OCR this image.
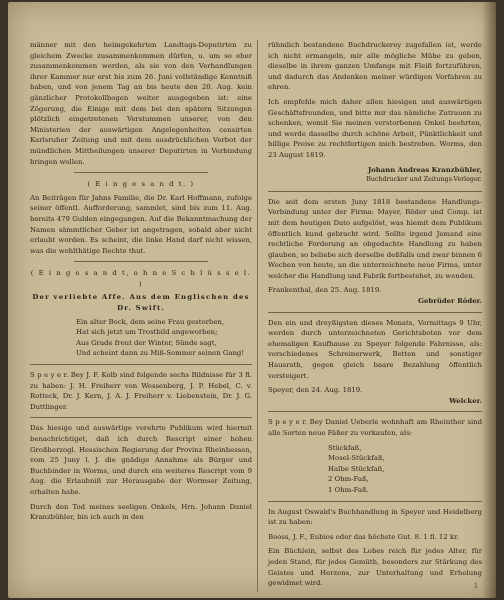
männer mit den heimgekehrten Landtags-Deputirten zu gleichem Zwecke zusammenkommen dürfen, u. um so eher zusammenkommen werden, als sie von den Verhandlungen ihrer Kammer nur erst bis zum 26. Juni vollständige Kenntniß haben, und von jenem Tag an bis heute den 20. Aug. kein gänzlicher Protokollbogen weiter ausgegeben ist: eine Zögerung, die Einige mit dem bei den spätern Sitzungen plötzlich eingetretenen Verstummen unserer, von den Ministerien der auswärtigen Angelegenheiten censirten Karlsruher Zeitung und mit dem ausdrücklichen Verbot der mündlichen Mittheilungen unserer Deputirten in Verbindung bringen wollen.

( E i n g e s a n d t. )

An Beiträgen für Jahns Familie, die Dr. Karl Hoffmann, zufolge seiner öffentl. Aufforderung, sammlet, sind bis zum 11. Aug. bereits 479 Gulden eingegangen. Auf die Bekanntmachung der Namen sämmtlicher Geber ist angetragen, sobald aber nicht erlaubt worden. Es scheint, die linke Hand darf nicht wissen, was die wohlthätige Rechte thut.

( E i n g e s a n d t, o h n e S c h l ü s s e l. )
Der verliebte Affe. Aus dem Englischen des Dr. Swift.
Ein alter Bock, dem seine Frau gestorben,
Hat sich jetzt um Trostbild angeworben;
Aus Grade freut der Winter, Sünde sagt,
Und scheint dann zu Miß-Sommer seinen Gang!

S p e y e r. Bey J. F. Kolb sind folgende sechs Bildnisse für 3 fl. zu haben: J. H. Freiherr von Wessenberg, J. P. Hebel, C. v. Rotteck, Dr. J. Kern, J. A. J. Freiherr v. Liebenstein, Dr. J. G. Duttlinger.

Das hiesige und auswärtige verehrte Publikum wird hiermit benachrichtiget, daß ich durch Rescript einer hohen Großherzogl. Hessischen Regierung der Provinz Rheinhessen, vom 25 Juny l. J. die gnädige Annahme als Bürger und Buchbinder in Worms, und durch ein weiteres Rescript vom 9 Aug. die Erlaubniß zur Herausgabe der Wormser Zeitung, erhalten habe.

Durch den Tod meines seeligen Onkels, Hrn. Johann Daniel Kranzbühler, bin ich auch in den

rühmlich bestandene Buchdruckerey zugefallen ist, werde ich nicht ermangeln, mir alle mögliche Mühe zu geben, dieselbe in ihrem ganzen Umfange mit Fleiß fortzuführen, und dadurch das Andenken meiner würdigen Vorfahren zu ehren.

Ich empfehle mich daher allen hiesigen und auswärtigen Geschäftsfreunden, und bitte mir das nämliche Zutrauen zu schenken, womit Sie meinen verstorbenen Onkel beehrten, und werde dasselbe durch schöne Arbeit, Pünktlichkeit und billige Preise zu rechtfertigen mich bestreben. Worms, den 23 August 1819.

Johann Andreas Kranzbühler,
Buchdrucker und Zeitungs-Verleger.

Die seit dem ersten Juny 1818 bestandene Handlungs-Verbindung unter der Firma: Mayer, Röder und Comp. ist mit dem heutigen Dato aufgelöst, was hiemit dem Publikum öffentlich kund gebracht wird. Sollte irgend Jemand eine rechtliche Forderung an obgedachte Handlung zu haben glauben, so beliebe sich derselbe deßfalls und zwar binnen 6 Wochen von heute, an die unterzeichnete neue Firma, unter welcher die Handlung und Fabrik fortbestehet, zu wenden.

Frankenthal, den 25. Aug. 1819.
Gebrüder Röder.

Den ein und dreyßigsten dieses Monats, Vormittags 9 Uhr, werden durch unterzeichneten Gerichtsboten vor dem ehemaligen Kaufhause zu Speyer folgende Fahrnisse, als: verschiedenes Schreinerwerk, Betten und sonstiger Hausrath, gegen gleich baare Bezahlung öffentlich versteigert.

Speyer, den 24. Aug. 1819.
Welcker.

S p e y e r. Bey Daniel Ueberle wohnhaft am Rheinthor sind alle Sorten neue Fäßer zu verkaufen, als:

Stückfaß,
Mosel-Stückfaß,
Halbe Stückfaß,
2 Ohm-Faß,
1 Ohm-Faß.

In August Oswald's Buchhandlung in Speyer und Heidelberg ist zu haben:

Booss, J. F., Eubios oder das höchste Gut. 8. 1 fl. 12 kr.

Ein Büchlein, selbst des Lobes reich für jedes Alter, für jeden Stand, für jedes Gemüth, besonders zur Stärkung des Geistes und Herzens, zur Unterhaltung und Erholung gewidmet wird.	1
